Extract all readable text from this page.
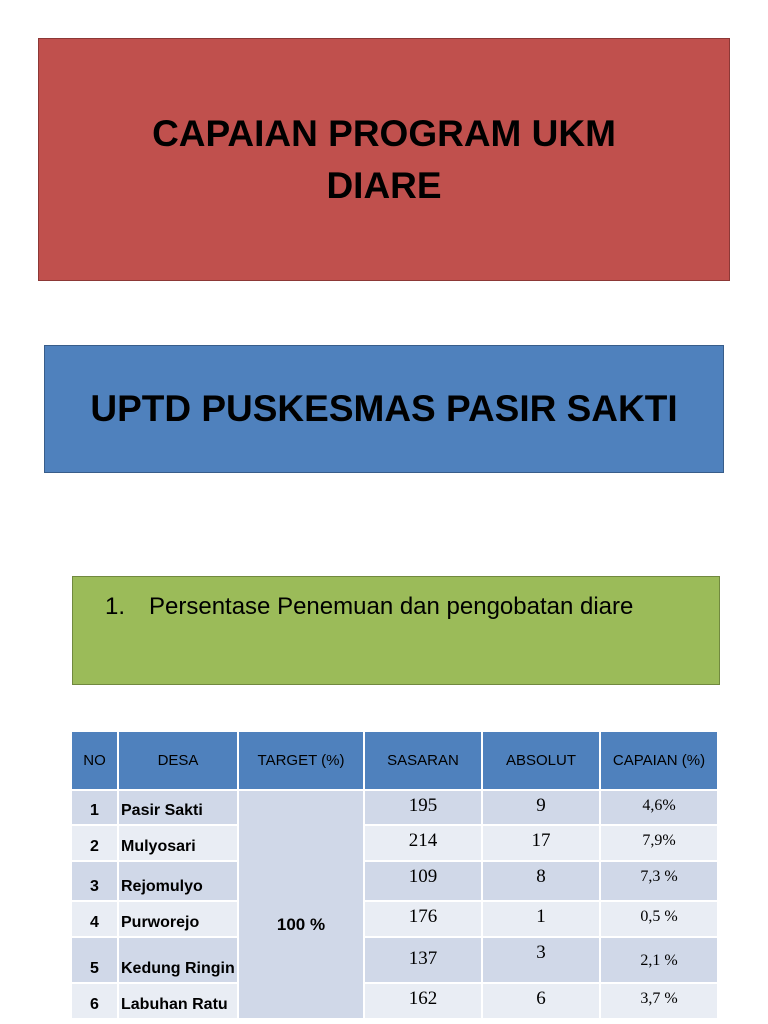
CAPAIAN PROGRAM UKM DIARE
UPTD PUSKESMAS PASIR SAKTI
1. Persentase Penemuan dan pengobatan diare
NO	DESA	TARGET (%)	SASARAN	ABSOLUT	CAPAIAN (%)
1	Pasir Sakti	100 %	195	9	4,6%
2	Mulyosari		214	17	7,9%
3	Rejomulyo		109	8	7,3 %
4	Purworejo		176	1	0,5 %
5	Kedung Ringin		137	3	2,1 %
6	Labuhan Ratu		162	6	3,7 %
